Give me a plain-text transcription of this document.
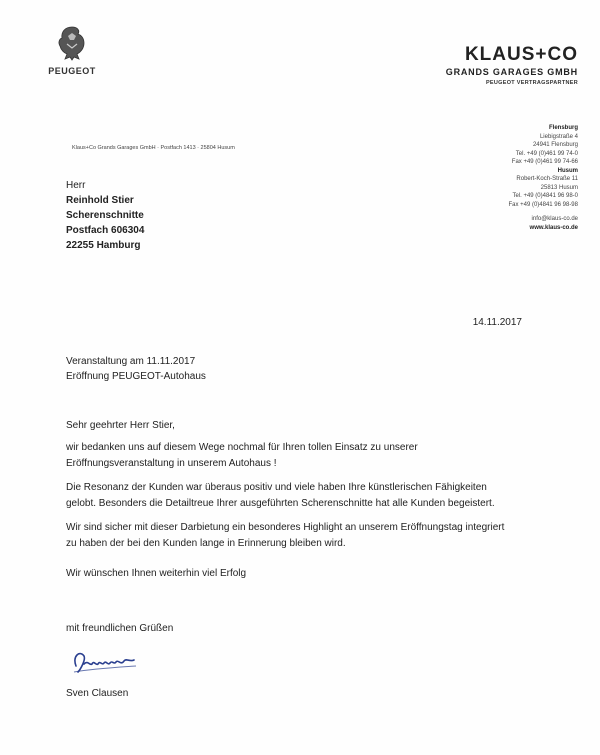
PEUGEOT
KLAUS+CO
GRANDS GARAGES GMBH
PEUGEOT VERTRAGSPARTNER
Klaus+Co Grands Garages GmbH · Postfach 1413 · 25804 Husum
Herr
Reinhold Stier
Scherenschnitte
Postfach 606304
22255 Hamburg
Flensburg
Liebigstraße 4
24941 Flensburg
Tel. +49 (0)461 99 74-0
Fax +49 (0)461 99 74-66
Husum
Robert-Koch-Straße 11
25813 Husum
Tel. +49 (0)4841 96 98-0
Fax +49 (0)4841 96 98-98
info@klaus-co.de
www.klaus-co.de
14.11.2017
Veranstaltung am 11.11.2017
Eröffnung PEUGEOT-Autohaus
Sehr geehrter Herr Stier,
wir bedanken uns auf diesem Wege nochmal für Ihren tollen Einsatz zu unserer
Eröffnungsveranstaltung in unserem Autohaus !
Die Resonanz der Kunden war überaus positiv und viele haben Ihre künstlerischen Fähigkeiten
gelobt. Besonders die Detailtreue Ihrer ausgeführten Scherenschnitte hat alle Kunden begeistert.
Wir sind sicher mit dieser Darbietung ein besonderes Highlight an unserem Eröffnungstag integriert
zu haben der bei den Kunden lange in Erinnerung bleiben wird.
Wir wünschen Ihnen weiterhin viel Erfolg
mit freundlichen Grüßen
Sven Clausen
